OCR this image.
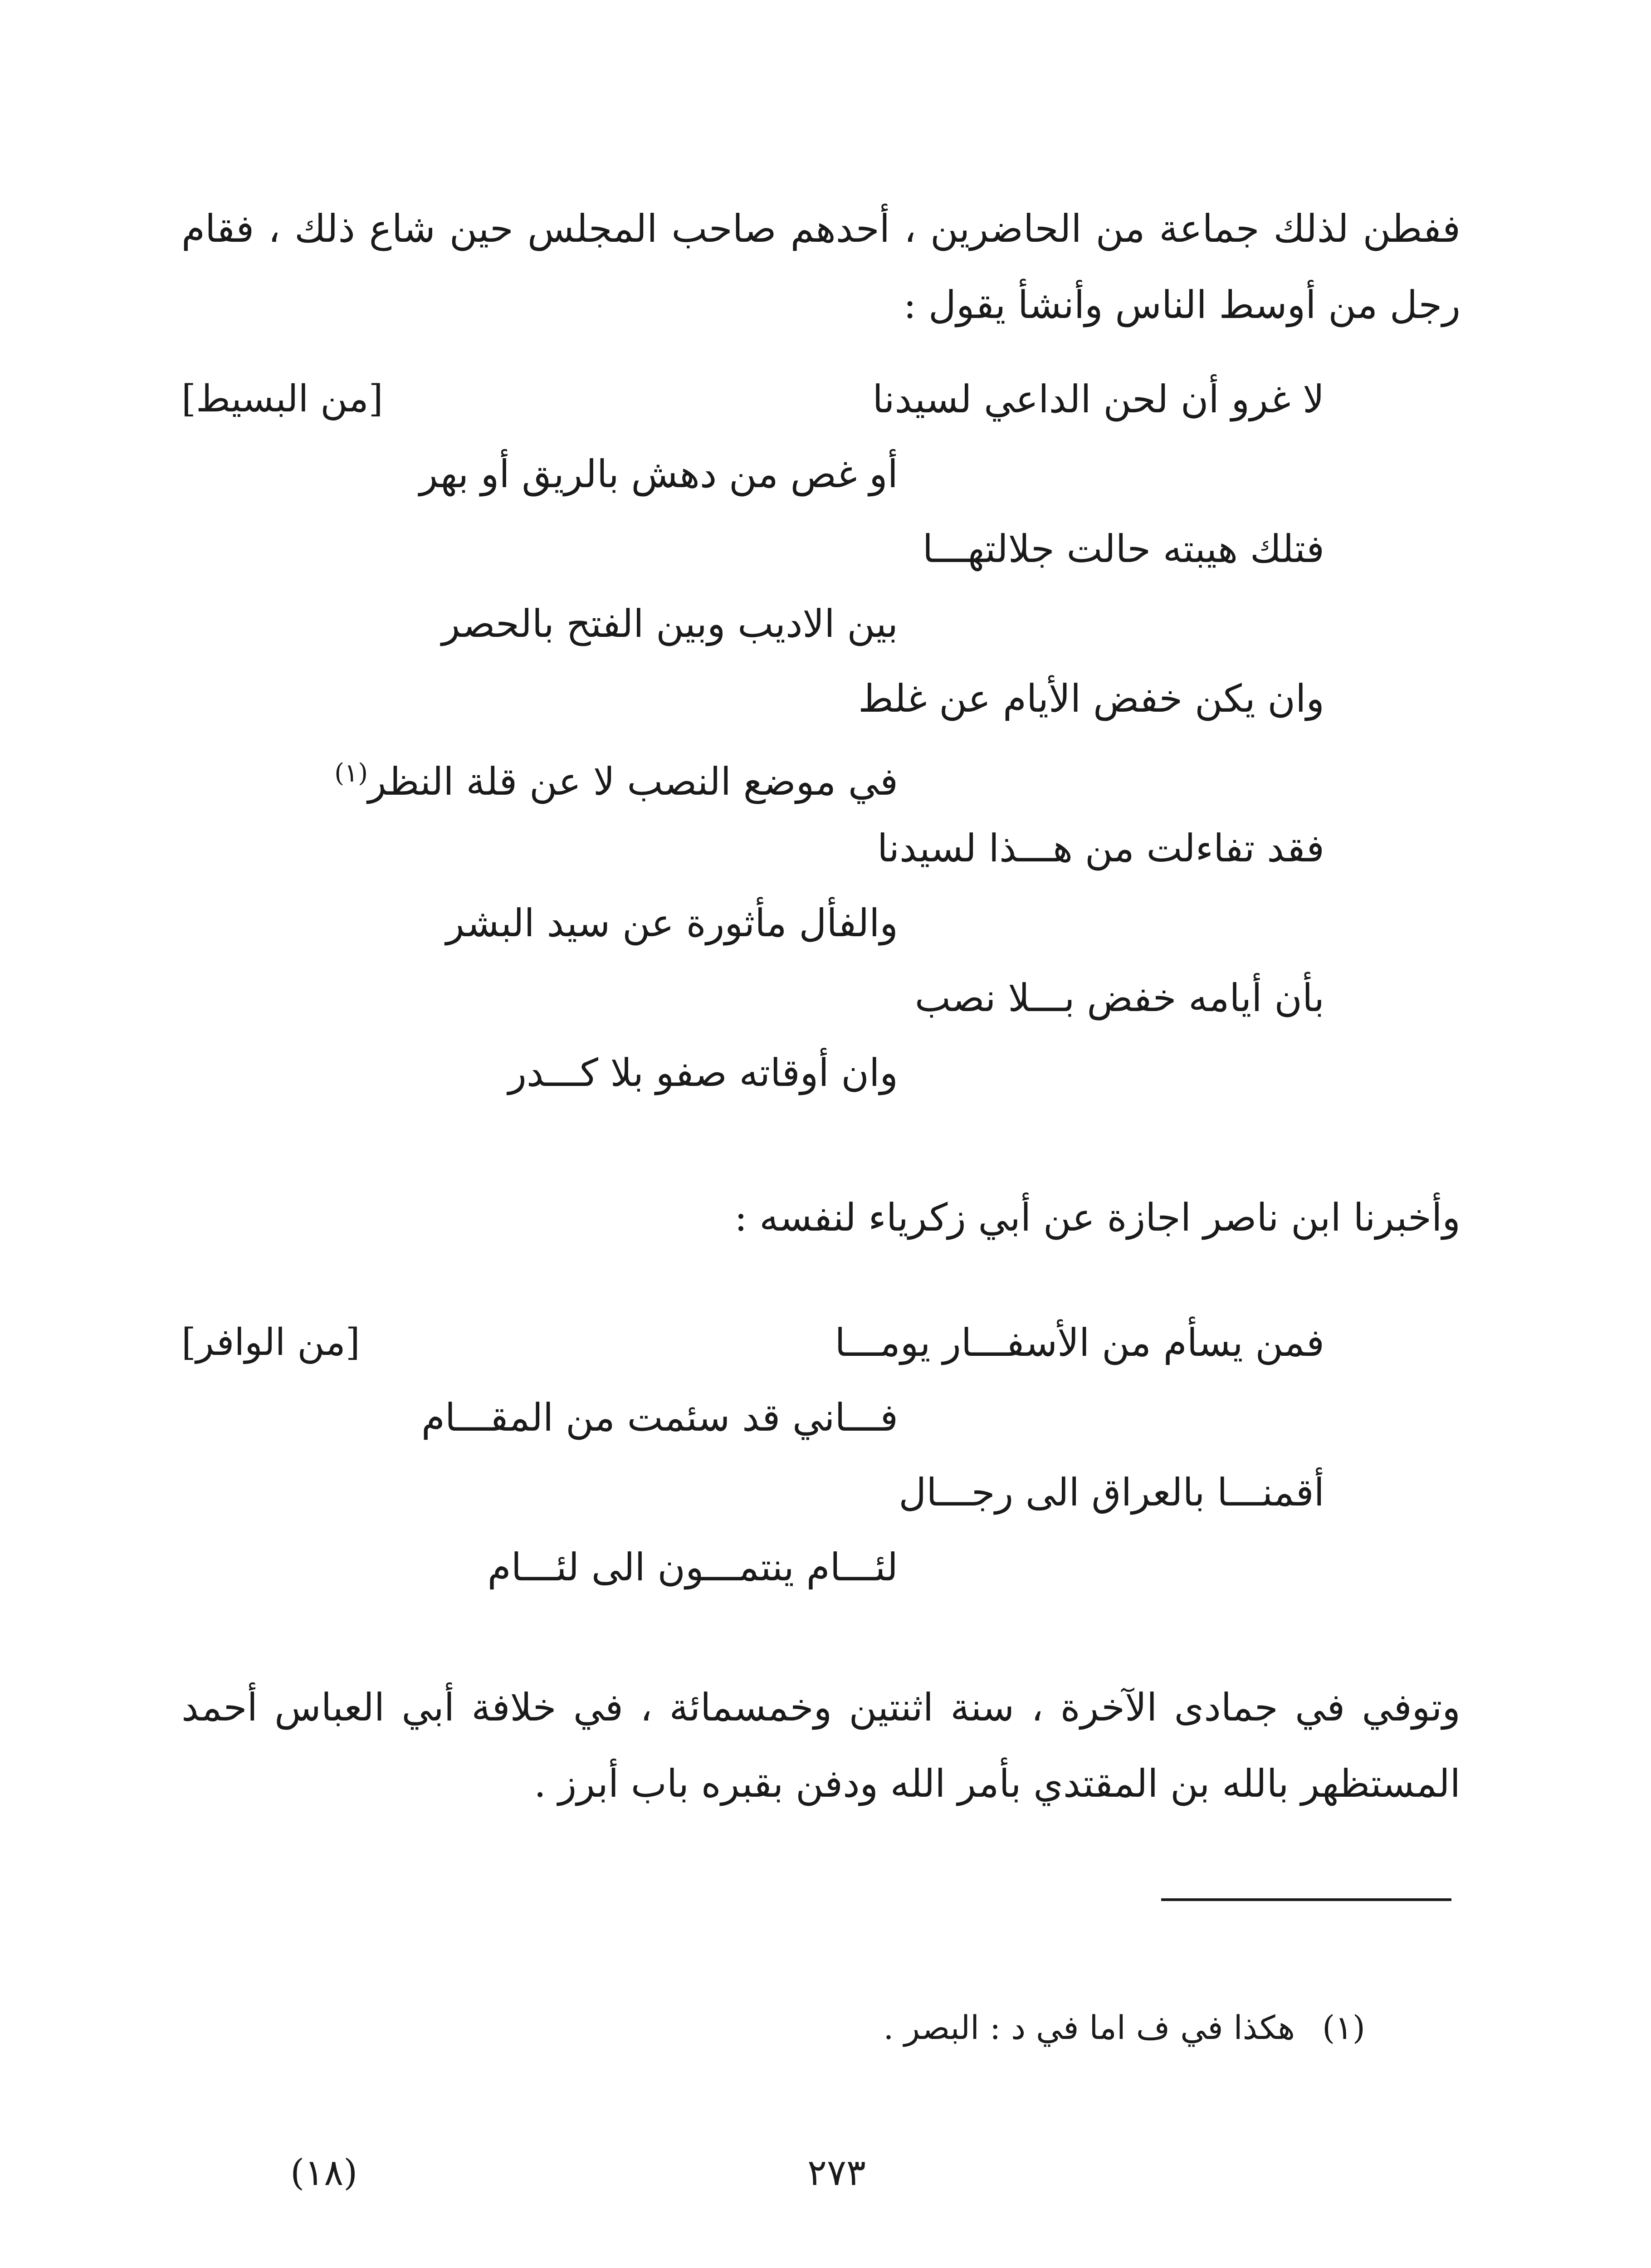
ففطن لذلك جماعة من الحاضرين ، أحدهم صاحب المجلس حين شاع ذلك ، فقام رجل من أوسط الناس وأنشأ يقول :

[من البسيط]	لا غرو أن لحن الداعي لسيدنا
أو غص من دهش بالريق أو بهر
فتلك هيبته حالت جلالتهـــا
بين الاديب وبين الفتح بالحصر
وان يكن خفض الأيام عن غلط
في موضع النصب لا عن قلة النظر$^{(١)}$
فقد تفاءلت من هـــذا لسيدنا
والفأل مأثورة عن سيد البشر
بأن أيامه خفض بـــلا نصب
وان أوقاته صفو بلا كـــدر

وأخبرنا ابن ناصر اجازة عن أبي زكرياء لنفسه :

[من الوافر]	فمن يسأم من الأسفـــار يومـــا
فـــاني قد سئمت من المقـــام
أقمنـــا بالعراق الى رجـــال
لئـــام ينتمـــون الى لئـــام

وتوفي في جمادى الآخرة ، سنة اثنتين وخمسمائة ، في خلافة أبي العباس أحمد المستظهر بالله بن المقتدي بأمر الله ودفن بقبره باب أبرز .

(١)هكذا في ف اما في د : البصر .
(١٨)	٢٧٣
